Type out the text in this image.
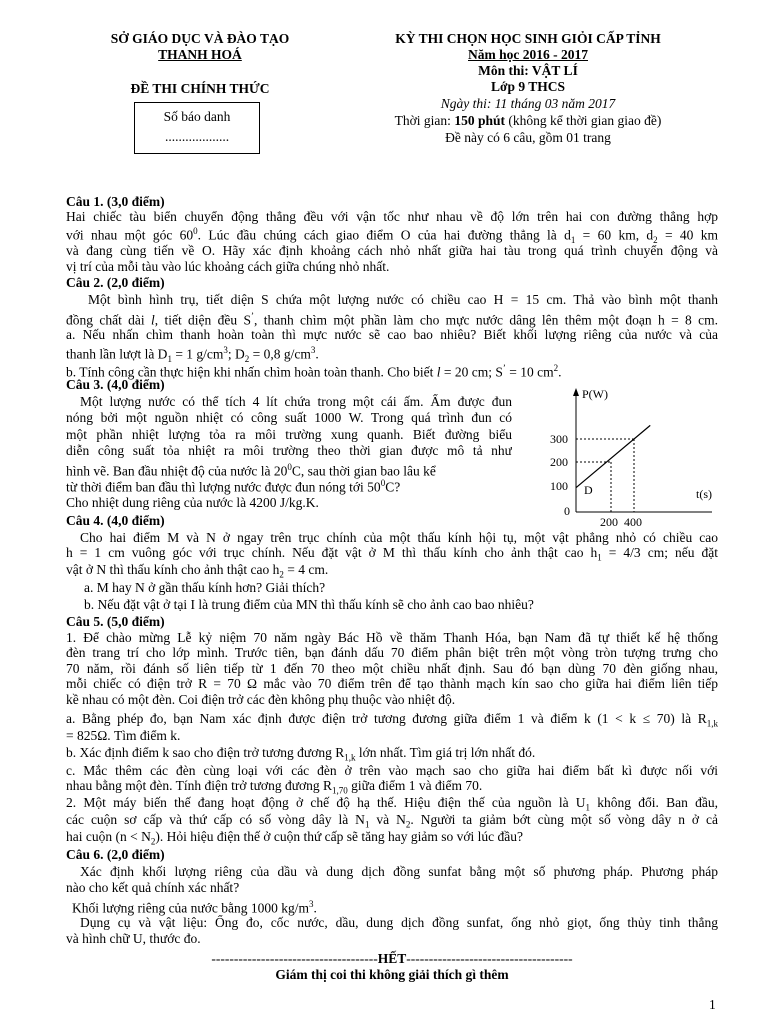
SỞ GIÁO DỤC VÀ ĐÀO TẠO
THANH HOÁ
ĐỀ THI CHÍNH THỨC
Số báo danh
...................
KỲ THI CHỌN HỌC SINH GIỎI CẤP TỈNH
Năm học 2016 - 2017
Môn thi: VẬT LÍ
Lớp 9 THCS
Ngày thi: 11 tháng 03 năm 2017
Thời gian: 150 phút (không kể thời gian giao đề)
Đề này có 6 câu, gồm 01 trang
Câu 1. (3,0 điểm)
Hai chiếc tàu biển chuyển động thẳng đều với vận tốc như nhau về độ lớn trên hai con đường thẳng hợp
với nhau một góc $60^0$. Lúc đầu chúng cách giao điểm O của hai đường thẳng là $d_1 = 60$ km, $d_2 = 40$ km
và đang cùng tiến về O. Hãy xác định khoảng cách nhỏ nhất giữa hai tàu trong quá trình chuyển động và
vị trí của mỗi tàu vào lúc khoảng cách giữa chúng nhỏ nhất.
Câu 2. (2,0 điểm)
Một bình hình trụ, tiết diện S chứa một lượng nước có chiều cao H = 15 cm. Thả vào bình một thanh
đồng chất dài l, tiết diện đều S’, thanh chìm một phần làm cho mực nước dâng lên thêm một đoạn h = 8 cm.
a. Nếu nhấn chìm thanh hoàn toàn thì mực nước sẽ cao bao nhiêu? Biết khối lượng riêng của nước và của
thanh lần lượt là $D_1 = 1$ $g/cm^3$; $D_2 = 0,8$ $g/cm^3$.
b. Tính công cần thực hiện khi nhấn chìm hoàn toàn thanh. Cho biết l = 20 cm; S’ = 10 $cm^2$.
Câu 3. (4,0 điểm)
Một lượng nước có thể tích 4 lít chứa trong một cái ấm. Ấm được đun
nóng bởi một nguồn nhiệt có công suất 1000 W. Trong quá trình đun có
một phần nhiệt lượng tỏa ra môi trường xung quanh. Biết đường biểu
diễn công suất tỏa nhiệt ra môi trường theo thời gian được mô tả như
hình vẽ. Ban đầu nhiệt độ của nước là $20^0C$, sau thời gian bao lâu kể
từ thời điểm ban đầu thì lượng nước được đun nóng tới $50^0C$?
Cho nhiệt dung riêng của nước là 4200 J/kg.K.
P(W)
t(s)
300
200
100
0
D
200 400
Câu 4. (4,0 điểm)
Cho hai điểm M và N ở ngay trên trục chính của một thấu kính hội tụ, một vật phẳng nhỏ có chiều cao
h = 1 cm vuông góc với trục chính. Nếu đặt vật ở M thì thấu kính cho ảnh thật cao $h_1 = 4/3$ cm; nếu đặt
vật ở N thì thấu kính cho ảnh thật cao $h_2 = 4$ cm.
a. M hay N ở gần thấu kính hơn? Giải thích?
b. Nếu đặt vật ở tại I là trung điểm của MN thì thấu kính sẽ cho ảnh cao bao nhiêu?
Câu 5. (5,0 điểm)
1. Để chào mừng Lễ kỷ niệm 70 năm ngày Bác Hồ về thăm Thanh Hóa, bạn Nam đã tự thiết kế hệ thống
đèn trang trí cho lớp mình. Trước tiên, bạn đánh dấu 70 điểm phân biệt trên một vòng tròn tượng trưng cho
70 năm, rồi đánh số liên tiếp từ 1 đến 70 theo một chiều nhất định. Sau đó bạn dùng 70 đèn giống nhau,
mỗi chiếc có điện trở R = 70 Ω mắc vào 70 điểm trên để tạo thành mạch kín sao cho giữa hai điểm liên tiếp
kề nhau có một đèn. Coi điện trở các đèn không phụ thuộc vào nhiệt độ.
a. Bằng phép đo, bạn Nam xác định được điện trở tương đương giữa điểm 1 và điểm k (1 < k ≤ 70) là $R_{1,k}$
= 825Ω. Tìm điểm k.
b. Xác định điểm k sao cho điện trở tương đương $R_{1,k}$ lớn nhất. Tìm giá trị lớn nhất đó.
c. Mắc thêm các đèn cùng loại với các đèn ở trên vào mạch sao cho giữa hai điểm bất kì được nối với
nhau bằng một đèn. Tính điện trở tương đương $R_{1,70}$ giữa điểm 1 và điểm 70.
2. Một máy biến thế đang hoạt động ở chế độ hạ thế. Hiệu điện thế của nguồn là $U_1$ không đổi. Ban đầu,
các cuộn sơ cấp và thứ cấp có số vòng dây là $N_1$ và $N_2$. Người ta giảm bớt cùng một số vòng dây n ở cả
hai cuộn $(n < N_2)$. Hỏi hiệu điện thế ở cuộn thứ cấp sẽ tăng hay giảm so với lúc đầu?
Câu 6. (2,0 điểm)
Xác định khối lượng riêng của dầu và dung dịch đồng sunfat bằng một số phương pháp. Phương pháp
nào cho kết quả chính xác nhất?
Khối lượng riêng của nước bằng 1000 $kg/m^3$.
Dụng cụ và vật liệu: Ống đo, cốc nước, dầu, dung dịch đồng sunfat, ống nhỏ giọt, ống thủy tinh thẳng
và hình chữ U, thước đo.
-------------------------------------HẾT-------------------------------------
Giám thị coi thi không giải thích gì thêm
1
